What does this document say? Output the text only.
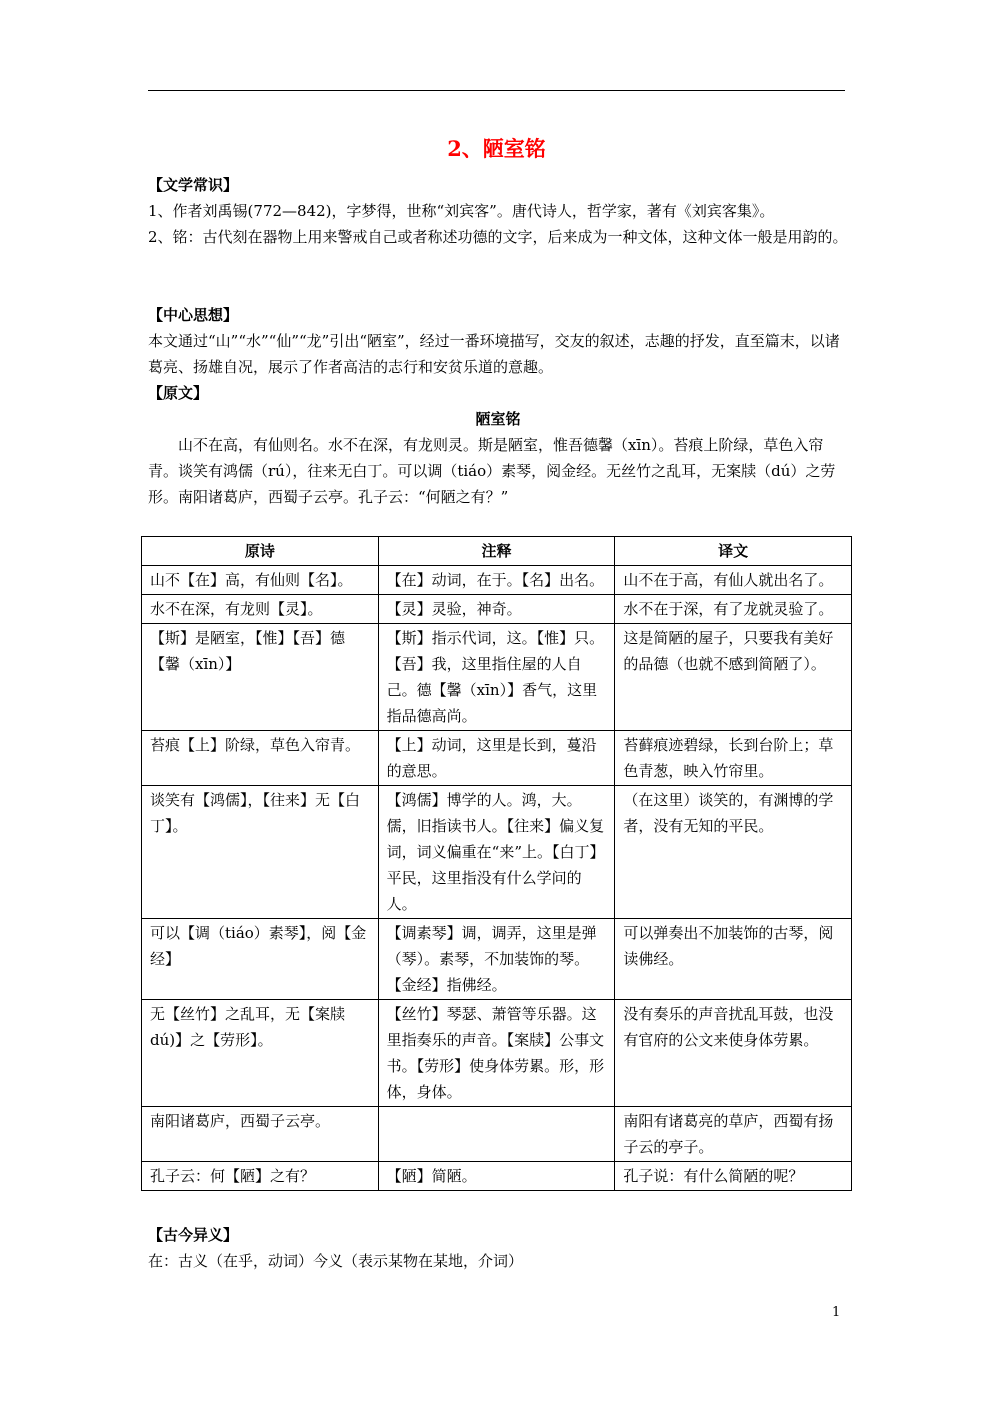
2、陋室铭
【文学常识】
1、作者刘禹锡(772—842)，字梦得，世称“刘宾客”。唐代诗人，哲学家，著有《刘宾客集》。
2、铭：古代刻在器物上用来警戒自己或者称述功德的文字，后来成为一种文体，这种文体一般是用韵的。
【中心思想】
本文通过“山”“水”“仙”“龙”引出“陋室”，经过一番环境描写，交友的叙述，志趣的抒发，直至篇末，以诸葛亮、扬雄自况，展示了作者高洁的志行和安贫乐道的意趣。
【原文】
陋室铭
山不在高，有仙则名。水不在深，有龙则灵。斯是陋室，惟吾德馨（xīn）。苔痕上阶绿，草色入帘青。谈笑有鸿儒（rú），往来无白丁。可以调（tiáo）素琴，阅金经。无丝竹之乱耳，无案牍（dú）之劳形。南阳诸葛庐，西蜀子云亭。孔子云：“何陋之有？”
原诗	注释	译文
山不【在】高，有仙则【名】。	【在】动词，在于。【名】出名。	山不在于高，有仙人就出名了。
水不在深，有龙则【灵】。	【灵】灵验，神奇。	水不在于深，有了龙就灵验了。
【斯】是陋室，【惟】【吾】德【馨（xīn）】	【斯】指示代词，这。【惟】只。【吾】我，这里指住屋的人自己。德【馨（xīn）】香气，这里指品德高尚。	这是简陋的屋子，只要我有美好的品德（也就不感到简陋了）。
苔痕【上】阶绿，草色入帘青。	【上】动词，这里是长到，蔓沿的意思。	苔藓痕迹碧绿，长到台阶上；草色青葱，映入竹帘里。
谈笑有【鸿儒】，【往来】无【白丁】。	【鸿儒】博学的人。鸿，大。儒，旧指读书人。【往来】偏义复词，词义偏重在“来”上。【白丁】平民，这里指没有什么学问的人。	（在这里）谈笑的，有渊博的学者，没有无知的平民。
可以【调（tiáo）素琴】，阅【金经】	【调素琴】调，调弄，这里是弹（琴）。素琴，不加装饰的琴。【金经】指佛经。	可以弹奏出不加装饰的古琴，阅读佛经。
无【丝竹】之乱耳，无【案牍 dú)】之【劳形】。	【丝竹】琴瑟、萧管等乐器。这里指奏乐的声音。【案牍】公事文书。【劳形】使身体劳累。形，形体，身体。	没有奏乐的声音扰乱耳鼓，也没有官府的公文来使身体劳累。
南阳诸葛庐，西蜀子云亭。		南阳有诸葛亮的草庐，西蜀有扬子云的亭子。
孔子云：何【陋】之有？	【陋】简陋。	孔子说：有什么简陋的呢？
【古今异义】
在：古义（在乎，动词）今义（表示某物在某地，介词）
1
